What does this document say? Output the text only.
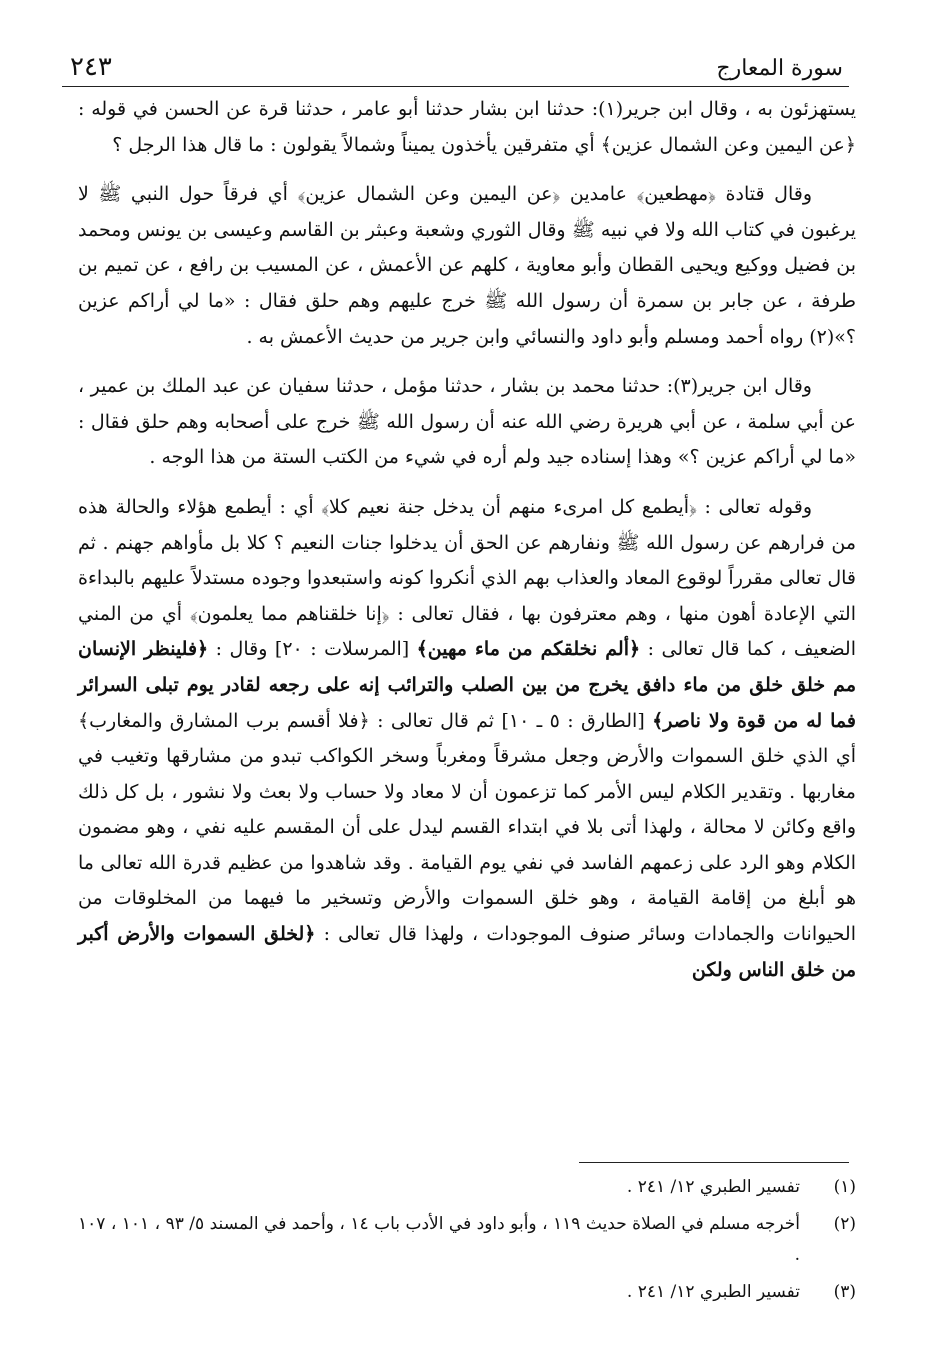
٢٤٣	سورة المعارج

يستهزئون به ، وقال ابن جرير(١): حدثنا ابن بشار حدثنا أبو عامر ، حدثنا قرة عن الحسن في قوله : ﴿عن اليمين وعن الشمال عزين﴾ أي متفرقين يأخذون يميناً وشمالاً يقولون : ما قال هذا الرجل ؟

وقال قتادة ﴿مهطعين﴾ عامدين ﴿عن اليمين وعن الشمال عزين﴾ أي فرقاً حول النبي ﷺ لا يرغبون في كتاب الله ولا في نبيه ﷺ وقال الثوري وشعبة وعبثر بن القاسم وعيسى بن يونس ومحمد بن فضيل ووكيع ويحيى القطان وأبو معاوية ، كلهم عن الأعمش ، عن المسيب بن رافع ، عن تميم بن طرفة ، عن جابر بن سمرة أن رسول الله ﷺ خرج عليهم وهم حلق فقال : «ما لي أراكم عزين ؟»(٢) رواه أحمد ومسلم وأبو داود والنسائي وابن جرير من حديث الأعمش به .

وقال ابن جرير(٣): حدثنا محمد بن بشار ، حدثنا مؤمل ، حدثنا سفيان عن عبد الملك بن عمير ، عن أبي سلمة ، عن أبي هريرة رضي الله عنه أن رسول الله ﷺ خرج على أصحابه وهم حلق فقال : «ما لي أراكم عزين ؟» وهذا إسناده جيد ولم أره في شيء من الكتب الستة من هذا الوجه .

وقوله تعالى : ﴿أيطمع كل امرىء منهم أن يدخل جنة نعيم كلا﴾ أي : أيطمع هؤلاء والحالة هذه من فرارهم عن رسول الله ﷺ ونفارهم عن الحق أن يدخلوا جنات النعيم ؟ كلا بل مأواهم جهنم . ثم قال تعالى مقرراً لوقوع المعاد والعذاب بهم الذي أنكروا كونه واستبعدوا وجوده مستدلاً عليهم بالبداءة التي الإعادة أهون منها ، وهم معترفون بها ، فقال تعالى : ﴿إنا خلقناهم مما يعلمون﴾ أي من المني الضعيف ، كما قال تعالى : ﴿ألم نخلقكم من ماء مهين﴾ [المرسلات : ٢٠] وقال : ﴿فلينظر الإنسان مم خلق خلق من ماء دافق يخرج من بين الصلب والترائب إنه على رجعه لقادر يوم تبلى السرائر فما له من قوة ولا ناصر﴾ [الطارق : ٥ ـ ١٠] ثم قال تعالى : ﴿فلا أقسم برب المشارق والمغارب﴾ أي الذي خلق السموات والأرض وجعل مشرقاً ومغرباً وسخر الكواكب تبدو من مشارقها وتغيب في مغاربها . وتقدير الكلام ليس الأمر كما تزعمون أن لا معاد ولا حساب ولا بعث ولا نشور ، بل كل ذلك واقع وكائن لا محالة ، ولهذا أتى بلا في ابتداء القسم ليدل على أن المقسم عليه نفي ، وهو مضمون الكلام وهو الرد على زعمهم الفاسد في نفي يوم القيامة . وقد شاهدوا من عظيم قدرة الله تعالى ما هو أبلغ من إقامة القيامة ، وهو خلق السموات والأرض وتسخير ما فيهما من المخلوقات من الحيوانات والجمادات وسائر صنوف الموجودات ، ولهذا قال تعالى : ﴿لخلق السموات والأرض أكبر من خلق الناس ولكن

(١)
تفسير الطبري ١٢/ ٢٤١ .
(٢)
أخرجه مسلم في الصلاة حديث ١١٩ ، وأبو داود في الأدب باب ١٤ ، وأحمد في المسند ٥/ ٩٣ ، ١٠١ ، ١٠٧ .
(٣)
تفسير الطبري ١٢/ ٢٤١ .
